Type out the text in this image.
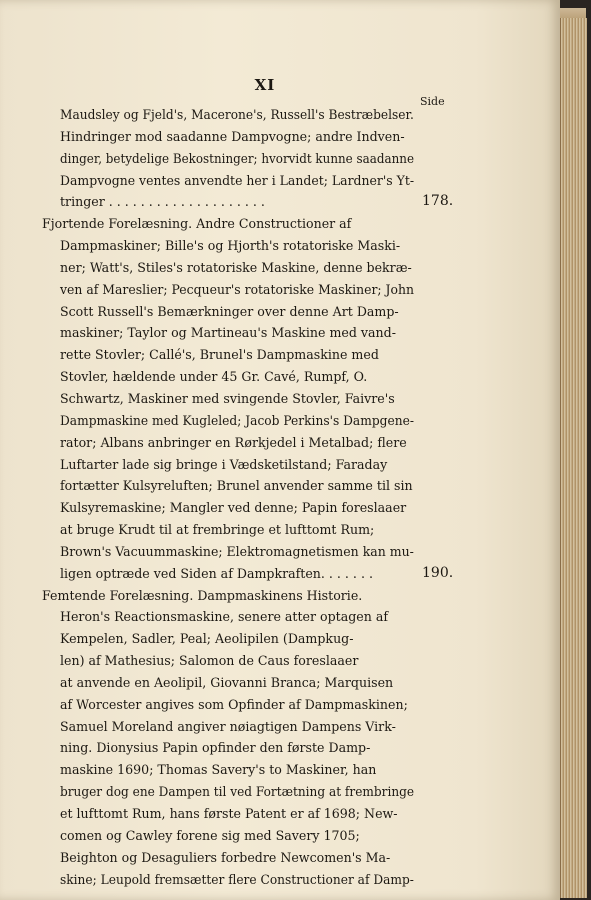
XI
Side
Maudsley og Fjeld's, Macerone's, Russell's Bestræbelser.
Hindringer mod saadanne Dampvogne; andre Indven-
dinger, betydelige Bekostninger; hvorvidt kunne saadanne
Dampvogne ventes anvendte her i Landet; Lardner's Yt-
tringer . . . . . . . . . . . . . . . . . . . .	178.
Fjortende Forelæsning. Andre Constructioner af
Dampmaskiner; Bille's og Hjorth's rotatoriske Maski-
ner; Watt's, Stiles's rotatoriske Maskine, denne bekræ-
ven af Mareslier; Pecqueur's rotatoriske Maskiner; John
Scott Russell's Bemærkninger over denne Art Damp-
maskiner; Taylor og Martineau's Maskine med vand-
rette Stovler; Callé's, Brunel's Dampmaskine med
Stovler, hældende under 45 Gr. Cavé, Rumpf, O.
Schwartz, Maskiner med svingende Stovler, Faivre's
Dampmaskine med Kugleled; Jacob Perkins's Dampgene-
rator; Albans anbringer en Rørkjedel i Metalbad; flere
Luftarter lade sig bringe i Vædsketilstand; Faraday
fortætter Kulsyreluften; Brunel anvender samme til sin
Kulsyremaskine; Mangler ved denne; Papin foreslaaer
at bruge Krudt til at frembringe et lufttomt Rum;
Brown's Vacuummaskine; Elektromagnetismen kan mu-
ligen optræde ved Siden af Dampkraften. . . . . . .	190.
Femtende Forelæsning. Dampmaskinens Historie.
Heron's Reactionsmaskine, senere atter optagen af
Kempelen, Sadler, Peal; Aeolipilen (Dampkug-
len) af Mathesius; Salomon de Caus foreslaaer
at anvende en Aeolipil, Giovanni Branca; Marquisen
af Worcester angives som Opfinder af Dampmaskinen;
Samuel Moreland angiver nøiagtigen Dampens Virk-
ning. Dionysius Papin opfinder den første Damp-
maskine 1690; Thomas Savery's to Maskiner, han
bruger dog ene Dampen til ved Fortætning at frembringe
et lufttomt Rum, hans første Patent er af 1698; New-
comen og Cawley forene sig med Savery 1705;
Beighton og Desaguliers forbedre Newcomen's Ma-
skine; Leupold fremsætter flere Constructioner af Damp-
